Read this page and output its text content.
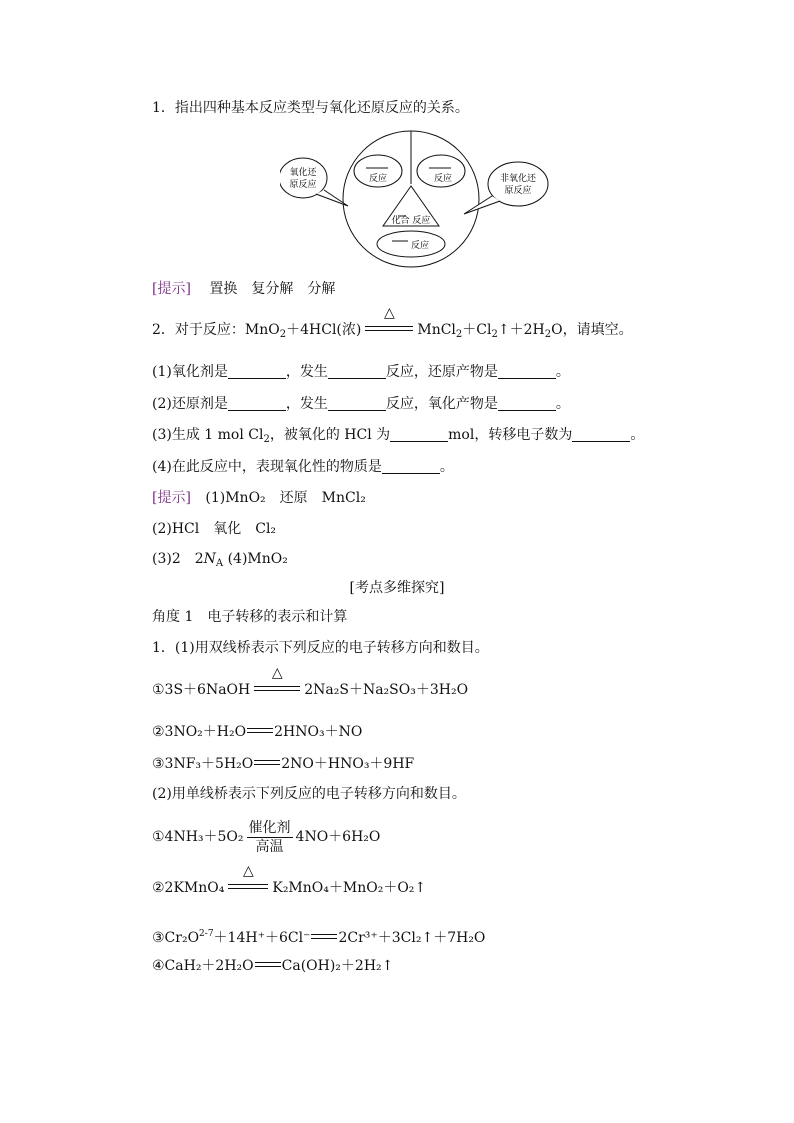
1．指出四种基本反应类型与氧化还原反应的关系。
氧化还
原反应
非氧化还
原反应
反应	反应
化合 反应
反应
[提示] 置换　复分解　分解
2．对于反应：MnO$_2$＋4HCl(浓)
△
$MnCl_2+Cl_2↑+2H_2O$，请填空。
(1)氧化剂是	，发生	反应，还原产物是	。
(2)还原剂是	，发生	反应，氧化产物是	。
(3)生成 1 mol $Cl_2$，被氧化的 HCl 为	mol，转移电子数为	。
(4)在此反应中，表现氧化性的物质是	。
[提示] (1)MnO₂　还原　MnCl₂
(2)HCl　氧化　Cl₂
(3)2　$2N_A$ (4)MnO₂
[考点多维探究]
角度 1　电子转移的表示和计算
1．(1)用双线桥表示下列反应的电子转移方向和数目。
①3S＋6NaOH
△
2Na₂S＋Na₂SO₃＋3H₂O
②3NO₂＋H₂O 2HNO₃＋NO
③3NF₃＋5H₂O 2NO＋HNO₃＋9HF
(2)用单线桥表示下列反应的电子转移方向和数目。
①4NH₃＋5O₂ $\frac{\text{催化剂}}{\text{高温}} 4NO+6H_2O$
②2KMnO₄
△
K₂MnO₄＋MnO₂＋O₂↑
$③Cr_2O^{2-7}+14H^++6Cl^-$ 2Cr³⁺＋3Cl₂↑＋7H₂O
④CaH₂＋2H₂O Ca(OH)₂＋2H₂↑
